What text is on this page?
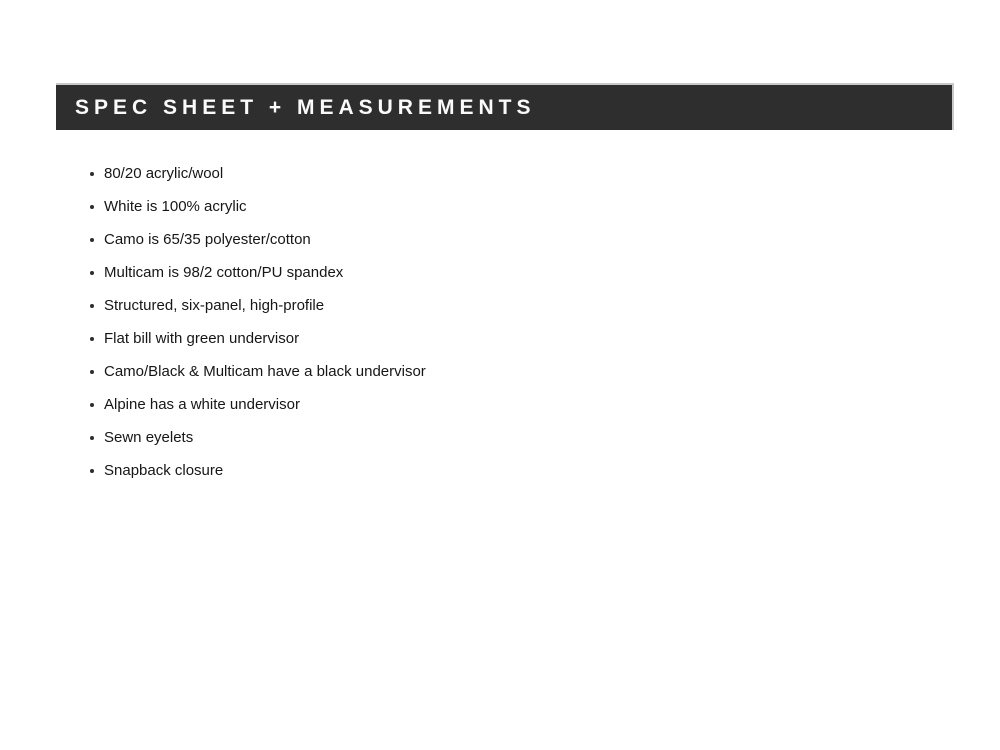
SPEC SHEET + MEASUREMENTS
80/20 acrylic/wool
White is 100% acrylic
Camo is 65/35 polyester/cotton
Multicam is 98/2 cotton/PU spandex
Structured, six-panel, high-profile
Flat bill with green undervisor
Camo/Black & Multicam have a black undervisor
Alpine has a white undervisor
Sewn eyelets
Snapback closure
